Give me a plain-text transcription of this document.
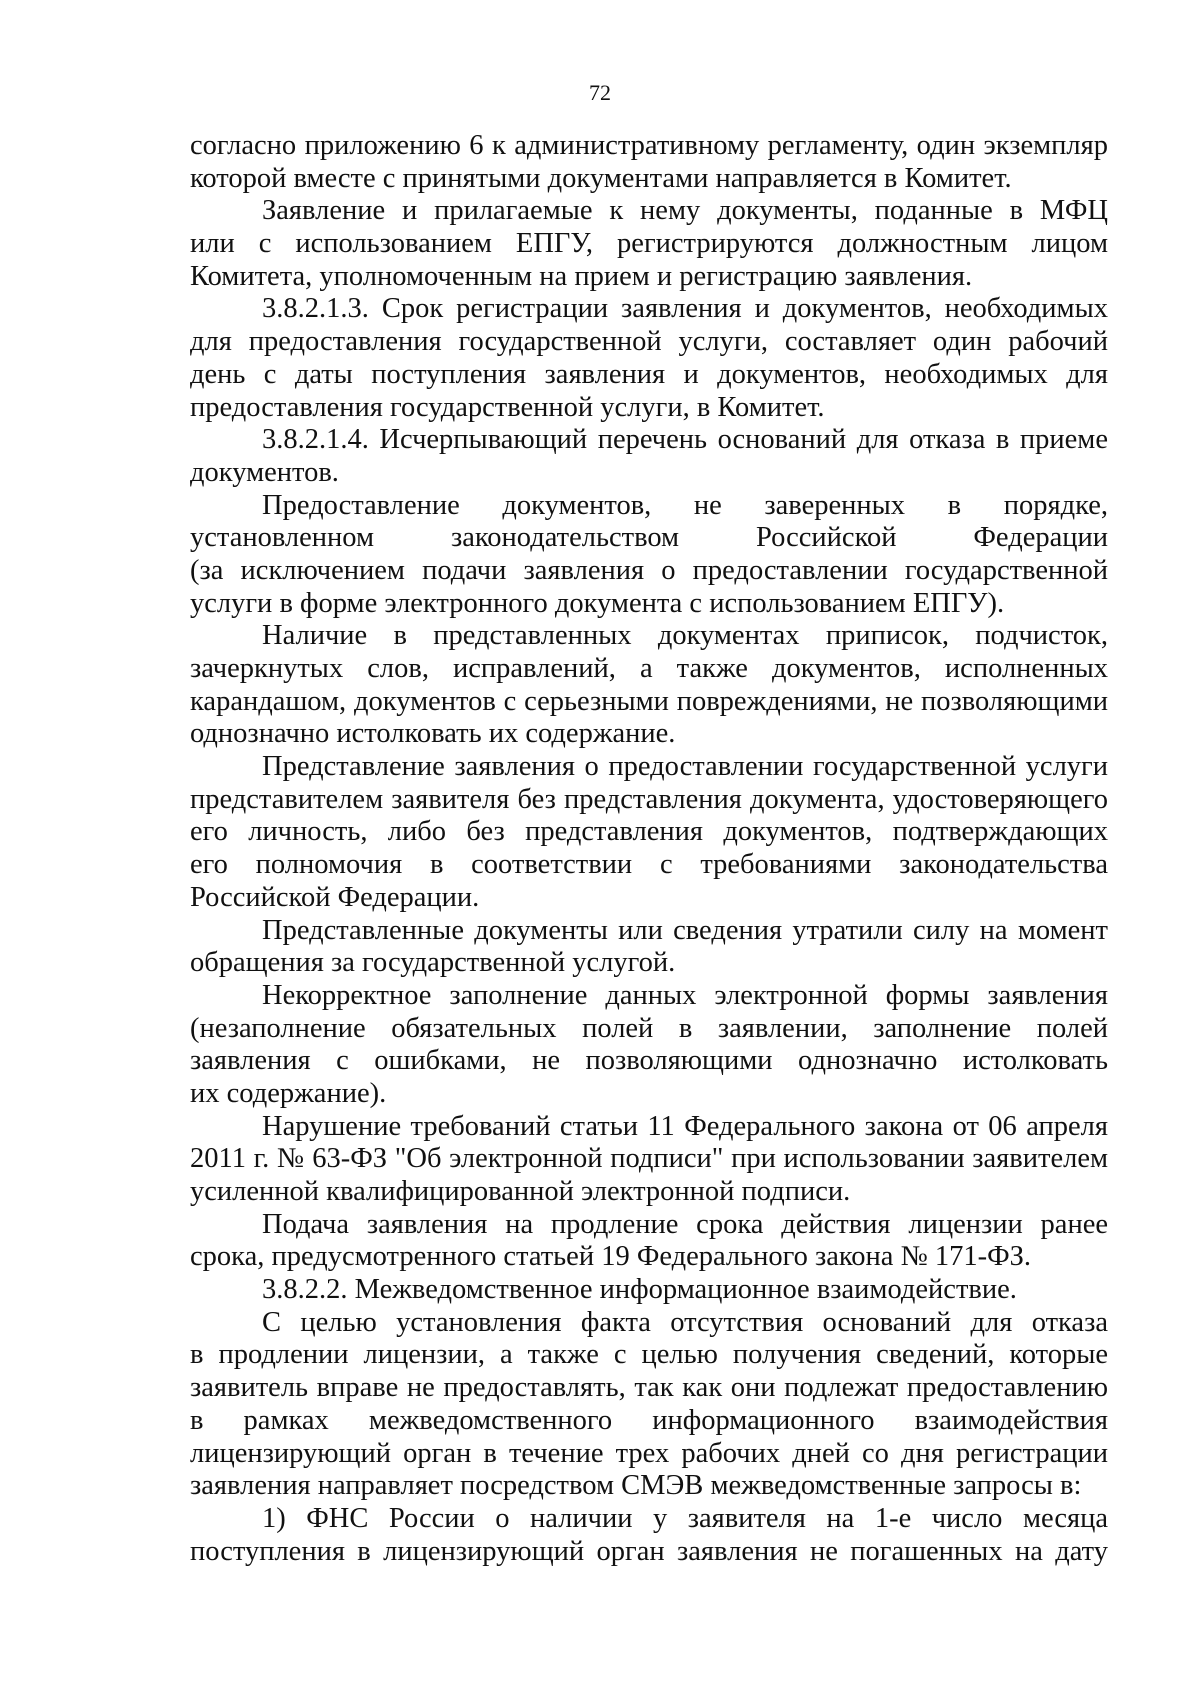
72
согласно приложению 6 к административному регламенту, один экземпляр
которой вместе с принятыми документами направляется в Комитет.
Заявление и прилагаемые к нему документы, поданные в МФЦ
или с использованием ЕПГУ, регистрируются должностным лицом
Комитета, уполномоченным на прием и регистрацию заявления.
3.8.2.1.3. Срок регистрации заявления и документов, необходимых
для предоставления государственной услуги, составляет один рабочий
день с даты поступления заявления и документов, необходимых для
предоставления государственной услуги, в Комитет.
3.8.2.1.4. Исчерпывающий перечень оснований для отказа в приеме
документов.
Предоставление документов, не заверенных в порядке,
установленном законодательством Российской Федерации
(за исключением подачи заявления о предоставлении государственной
услуги в форме электронного документа с использованием ЕПГУ).
Наличие в представленных документах приписок, подчисток,
зачеркнутых слов, исправлений, а также документов, исполненных
карандашом, документов с серьезными повреждениями, не позволяющими
однозначно истолковать их содержание.
Представление заявления о предоставлении государственной услуги
представителем заявителя без представления документа, удостоверяющего
его личность, либо без представления документов, подтверждающих
его полномочия в соответствии с требованиями законодательства
Российской Федерации.
Представленные документы или сведения утратили силу на момент
обращения за государственной услугой.
Некорректное заполнение данных электронной формы заявления
(незаполнение обязательных полей в заявлении, заполнение полей
заявления с ошибками, не позволяющими однозначно истолковать
их содержание).
Нарушение требований статьи 11 Федерального закона от 06 апреля
2011 г. № 63-ФЗ "Об электронной подписи" при использовании заявителем
усиленной квалифицированной электронной подписи.
Подача заявления на продление срока действия лицензии ранее
срока, предусмотренного статьей 19 Федерального закона № 171-ФЗ.
3.8.2.2. Межведомственное информационное взаимодействие.
С целью установления факта отсутствия оснований для отказа
в продлении лицензии, а также с целью получения сведений, которые
заявитель вправе не предоставлять, так как они подлежат предоставлению
в рамках межведомственного информационного взаимодействия
лицензирующий орган в течение трех рабочих дней со дня регистрации
заявления направляет посредством СМЭВ межведомственные запросы в:
1) ФНС России о наличии у заявителя на 1-е число месяца
поступления в лицензирующий орган заявления не погашенных на дату
